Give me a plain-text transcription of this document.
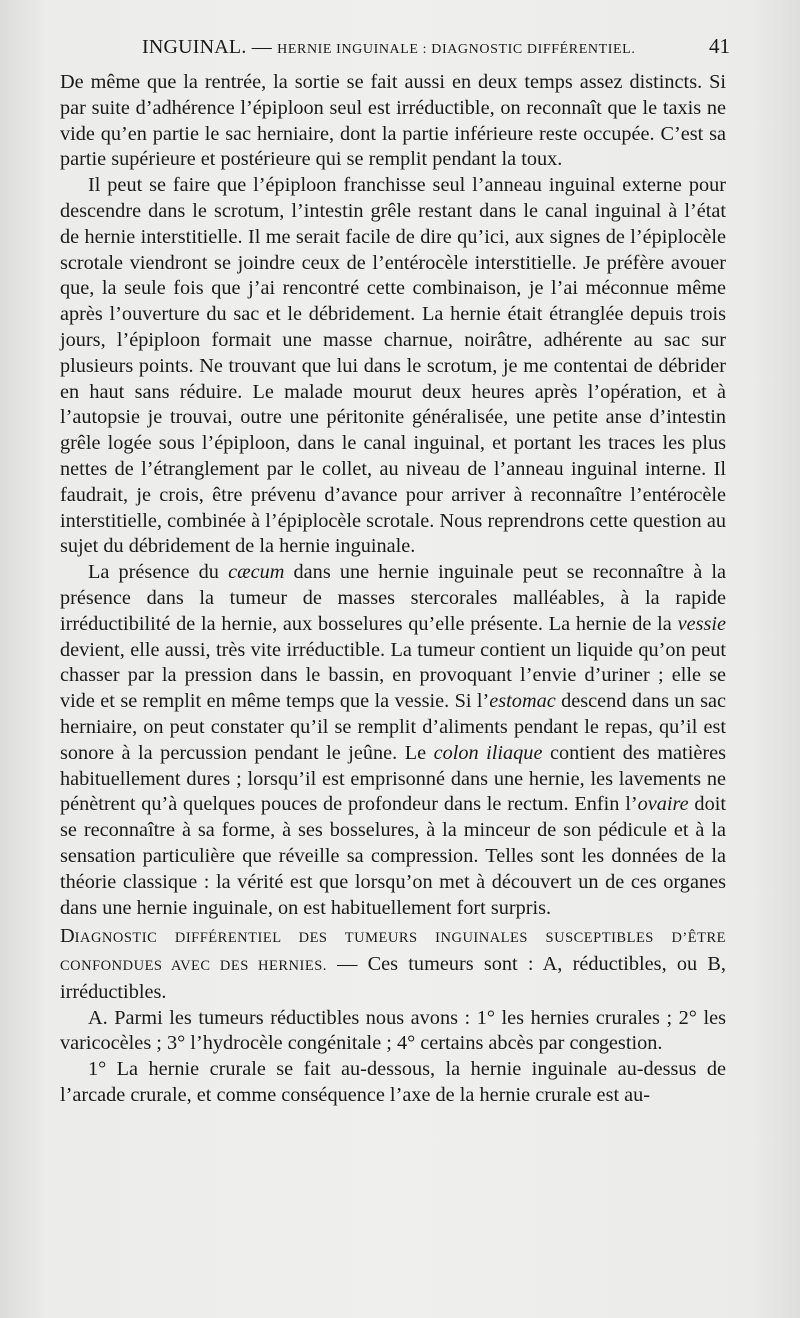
INGUINAL. — HERNIE INGUINALE : DIAGNOSTIC DIFFÉRENTIEL.	41

De même que la rentrée, la sortie se fait aussi en deux temps assez distincts. Si par suite d’adhérence l’épiploon seul est irréductible, on reconnaît que le taxis ne vide qu’en partie le sac herniaire, dont la partie inférieure reste occupée. C’est sa partie supérieure et postérieure qui se remplit pendant la toux.

Il peut se faire que l’épiploon franchisse seul l’anneau inguinal externe pour descendre dans le scrotum, l’intestin grêle restant dans le canal inguinal à l’état de hernie interstitielle. Il me serait facile de dire qu’ici, aux signes de l’épiplocèle scrotale viendront se joindre ceux de l’entérocèle interstitielle. Je préfère avouer que, la seule fois que j’ai rencontré cette combinaison, je l’ai méconnue même après l’ouverture du sac et le débridement. La hernie était étranglée depuis trois jours, l’épiploon formait une masse charnue, noirâtre, adhérente au sac sur plusieurs points. Ne trouvant que lui dans le scrotum, je me contentai de débrider en haut sans réduire. Le malade mourut deux heures après l’opération, et à l’autopsie je trouvai, outre une péritonite généralisée, une petite anse d’intestin grêle logée sous l’épiploon, dans le canal inguinal, et portant les traces les plus nettes de l’étranglement par le collet, au niveau de l’anneau inguinal interne. Il faudrait, je crois, être prévenu d’avance pour arriver à reconnaître l’entérocèle interstitielle, combinée à l’épiplocèle scrotale. Nous reprendrons cette question au sujet du débridement de la hernie inguinale.

La présence du cæcum dans une hernie inguinale peut se reconnaître à la présence dans la tumeur de masses stercorales malléables, à la rapide irréductibilité de la hernie, aux bosselures qu’elle présente. La hernie de la vessie devient, elle aussi, très vite irréductible. La tumeur contient un liquide qu’on peut chasser par la pression dans le bassin, en provoquant l’envie d’uriner ; elle se vide et se remplit en même temps que la vessie. Si l’estomac descend dans un sac herniaire, on peut constater qu’il se remplit d’aliments pendant le repas, qu’il est sonore à la percussion pendant le jeûne. Le colon iliaque contient des matières habituellement dures ; lorsqu’il est emprisonné dans une hernie, les lavements ne pénètrent qu’à quelques pouces de profondeur dans le rectum. Enfin l’ovaire doit se reconnaître à sa forme, à ses bosselures, à la minceur de son pédicule et à la sensation particulière que réveille sa compression. Telles sont les données de la théorie classique : la vérité est que lorsqu’on met à découvert un de ces organes dans une hernie inguinale, on est habituellement fort surpris.

DIAGNOSTIC DIFFÉRENTIEL DES TUMEURS INGUINALES SUSCEPTIBLES D’ÊTRE CONFONDUES AVEC DES HERNIES. — Ces tumeurs sont : A, réductibles, ou B, irréductibles.

A. Parmi les tumeurs réductibles nous avons : 1° les hernies crurales ; 2° les varicocèles ; 3° l’hydrocèle congénitale ; 4° certains abcès par congestion.

1° La hernie crurale se fait au-dessous, la hernie inguinale au-dessus de l’arcade crurale, et comme conséquence l’axe de la hernie crurale est au-
